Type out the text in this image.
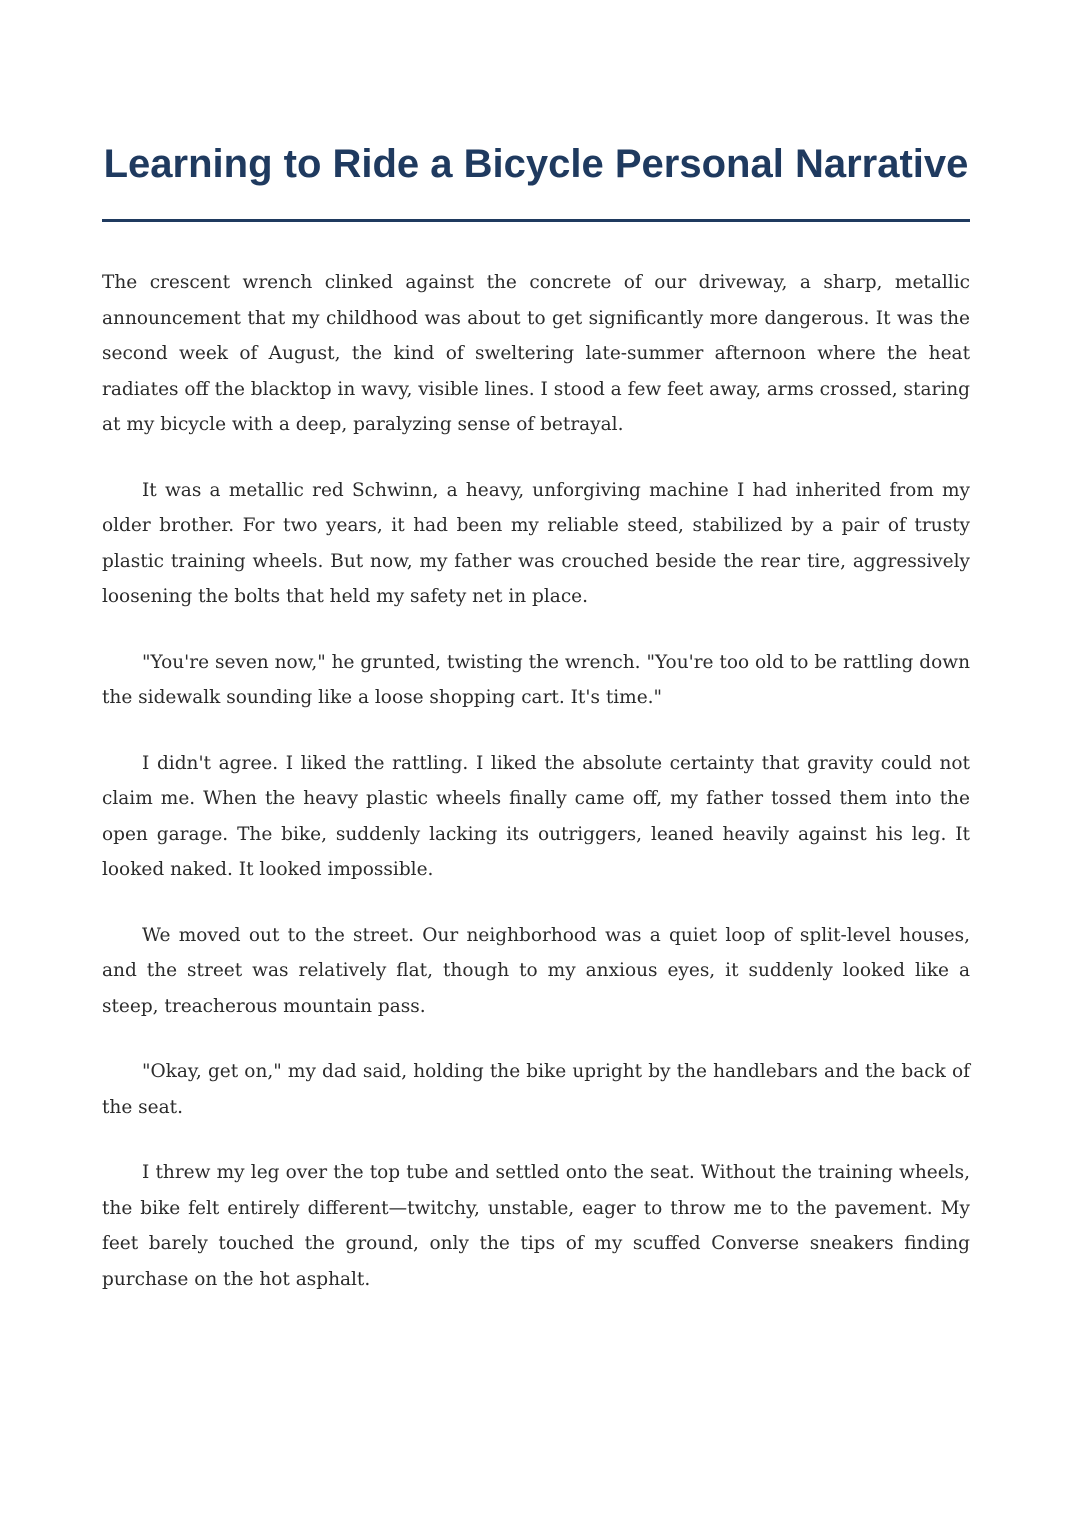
Learning to Ride a Bicycle Personal Narrative

The crescent wrench clinked against the concrete of our driveway, a sharp, metallic announcement that my childhood was about to get significantly more dangerous. It was the second week of August, the kind of sweltering late-summer afternoon where the heat radiates off the blacktop in wavy, visible lines. I stood a few feet away, arms crossed, staring at my bicycle with a deep, paralyzing sense of betrayal.

It was a metallic red Schwinn, a heavy, unforgiving machine I had inherited from my older brother. For two years, it had been my reliable steed, stabilized by a pair of trusty plastic training wheels. But now, my father was crouched beside the rear tire, aggressively loosening the bolts that held my safety net in place.

"You're seven now," he grunted, twisting the wrench. "You're too old to be rattling down the sidewalk sounding like a loose shopping cart. It's time."

I didn't agree. I liked the rattling. I liked the absolute certainty that gravity could not claim me. When the heavy plastic wheels finally came off, my father tossed them into the open garage. The bike, suddenly lacking its outriggers, leaned heavily against his leg. It looked naked. It looked impossible.

We moved out to the street. Our neighborhood was a quiet loop of split-level houses, and the street was relatively flat, though to my anxious eyes, it suddenly looked like a steep, treacherous mountain pass.

"Okay, get on," my dad said, holding the bike upright by the handlebars and the back of the seat.

I threw my leg over the top tube and settled onto the seat. Without the training wheels, the bike felt entirely different—twitchy, unstable, eager to throw me to the pavement. My feet barely touched the ground, only the tips of my scuffed Converse sneakers finding purchase on the hot asphalt.
